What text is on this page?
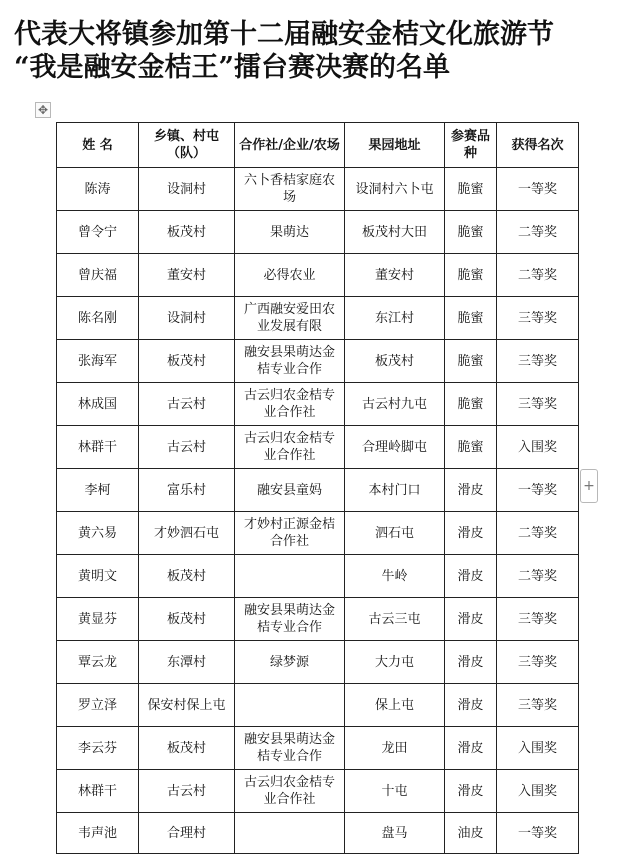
代表大将镇参加第十二届融安金桔文化旅游节
“我是融安金桔王”擂台赛决赛的名单
✥
姓 名	乡镇、村屯（队）	合作社/企业/农场	果园地址	参赛品种	获得名次
陈涛	设洞村	六卜香桔家庭农场	设洞村六卜屯	脆蜜	一等奖
曾令宁	板茂村	果萌达	板茂村大田	脆蜜	二等奖
曾庆福	董安村	必得农业	董安村	脆蜜	二等奖
陈名刚	设洞村	广西融安爱田农业发展有限	东江村	脆蜜	三等奖
张海军	板茂村	融安县果萌达金桔专业合作	板茂村	脆蜜	三等奖
林成国	古云村	古云归农金桔专业合作社	古云村九屯	脆蜜	三等奖
林群干	古云村	古云归农金桔专业合作社	合理岭脚屯	脆蜜	入围奖
李柯	富乐村	融安县童妈	本村门口	滑皮	一等奖
黄六易	才妙泗石屯	才妙村正源金桔合作社	泗石屯	滑皮	二等奖
黄明文	板茂村		牛岭	滑皮	二等奖
黄显芬	板茂村	融安县果萌达金桔专业合作	古云三屯	滑皮	三等奖
覃云龙	东潭村	绿梦源	大力屯	滑皮	三等奖
罗立泽	保安村保上屯		保上屯	滑皮	三等奖
李云芬	板茂村	融安县果萌达金桔专业合作	龙田	滑皮	入围奖
林群干	古云村	古云归农金桔专业合作社	十屯	滑皮	入围奖
韦声池	合理村		盘马	油皮	一等奖
+
